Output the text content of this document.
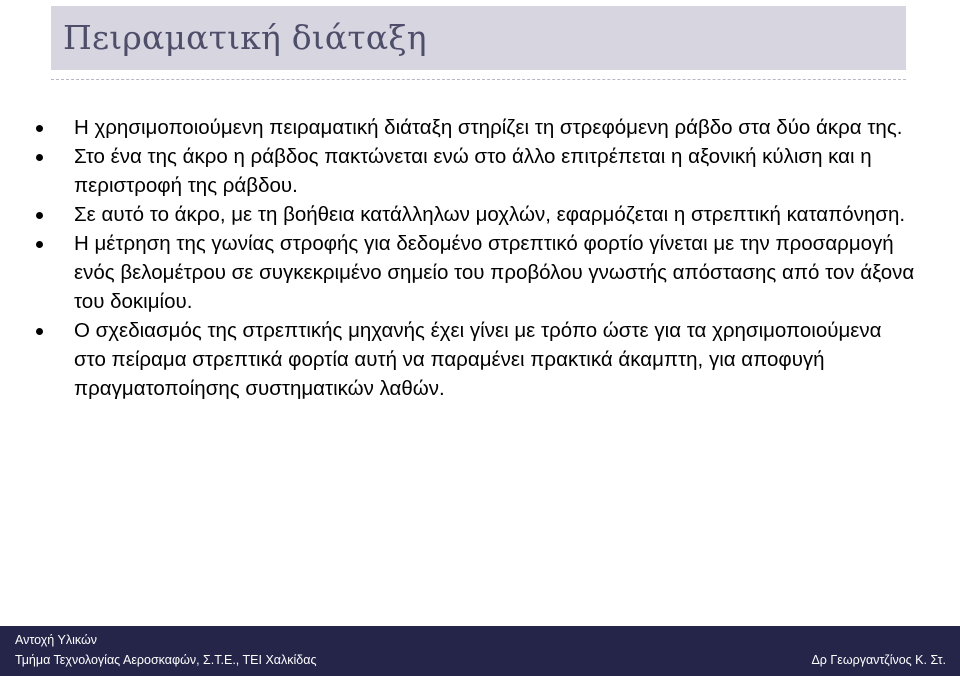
Πειραματική διάταξη
Η χρησιμοποιούμενη πειραματική διάταξη στηρίζει τη στρεφόμενη ράβδο στα δύο άκρα της.
Στο ένα της άκρο η ράβδος πακτώνεται ενώ στο άλλο επιτρέπεται η αξονική κύλιση και η περιστροφή της ράβδου.
Σε αυτό το άκρο, με τη βοήθεια κατάλληλων μοχλών, εφαρμόζεται η στρεπτική καταπόνηση.
Η μέτρηση της γωνίας στροφής για δεδομένο στρεπτικό φορτίο γίνεται με την προσαρμογή ενός βελομέτρου σε συγκεκριμένο σημείο του προβόλου γνωστής απόστασης από τον άξονα του δοκιμίου.
Ο σχεδιασμός της στρεπτικής μηχανής έχει γίνει με τρόπο ώστε για τα χρησιμοποιούμενα στο πείραμα στρεπτικά φορτία αυτή να παραμένει πρακτικά άκαμπτη, για αποφυγή πραγματοποίησης συστηματικών λαθών.
Αντοχή Υλικών
Τμήμα Τεχνολογίας Αεροσκαφών, Σ.Τ.Ε., ΤΕΙ Χαλκίδας	Δρ Γεωργαντζίνος Κ. Στ.
